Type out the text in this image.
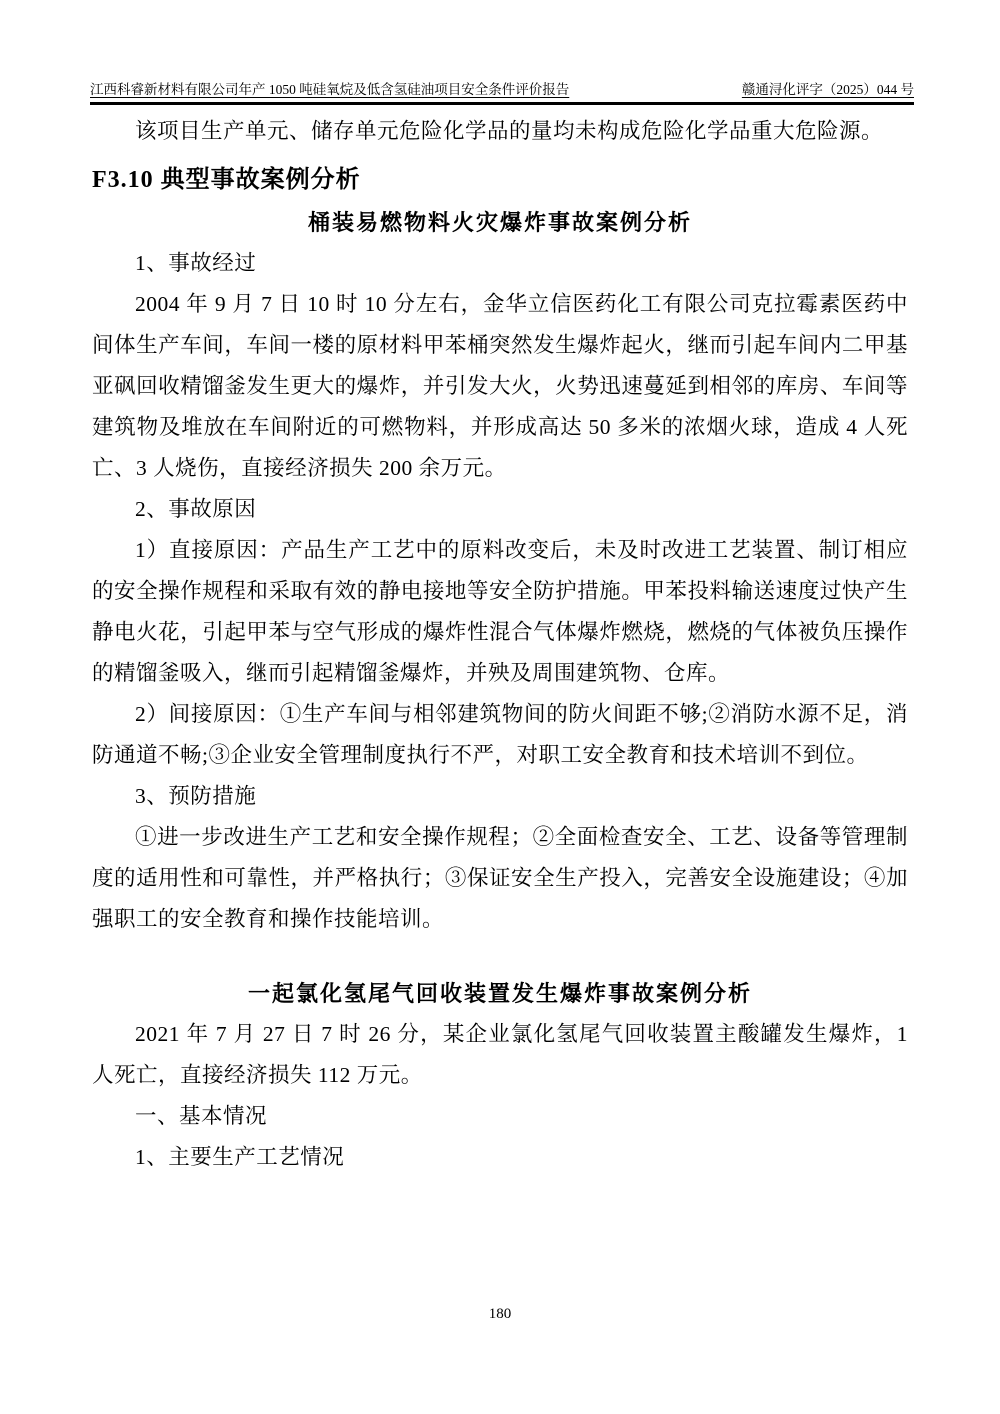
江西科睿新材料有限公司年产 1050 吨硅氧烷及低含氢硅油项目安全条件评价报告	赣通浔化评字（2025）044 号

该项目生产单元、储存单元危险化学品的量均未构成危险化学品重大危险源。

F3.10 典型事故案例分析

桶装易燃物料火灾爆炸事故案例分析

1、事故经过

2004 年 9 月 7 日 10 时 10 分左右，金华立信医药化工有限公司克拉霉素医药中间体生产车间，车间一楼的原材料甲苯桶突然发生爆炸起火，继而引起车间内二甲基亚砜回收精馏釜发生更大的爆炸，并引发大火，火势迅速蔓延到相邻的库房、车间等建筑物及堆放在车间附近的可燃物料，并形成高达 50 多米的浓烟火球，造成 4 人死亡、3 人烧伤，直接经济损失 200 余万元。

2、事故原因

1）直接原因：产品生产工艺中的原料改变后，未及时改进工艺装置、制订相应的安全操作规程和采取有效的静电接地等安全防护措施。甲苯投料输送速度过快产生静电火花，引起甲苯与空气形成的爆炸性混合气体爆炸燃烧，燃烧的气体被负压操作的精馏釜吸入，继而引起精馏釜爆炸，并殃及周围建筑物、仓库。

2）间接原因：①生产车间与相邻建筑物间的防火间距不够;②消防水源不足，消防通道不畅;③企业安全管理制度执行不严，对职工安全教育和技术培训不到位。

3、预防措施

①进一步改进生产工艺和安全操作规程；②全面检查安全、工艺、设备等管理制度的适用性和可靠性，并严格执行；③保证安全生产投入，完善安全设施建设；④加强职工的安全教育和操作技能培训。

一起氯化氢尾气回收装置发生爆炸事故案例分析

2021 年 7 月 27 日 7 时 26 分，某企业氯化氢尾气回收装置主酸罐发生爆炸，1 人死亡，直接经济损失 112 万元。

一、基本情况

1、主要生产工艺情况

180
